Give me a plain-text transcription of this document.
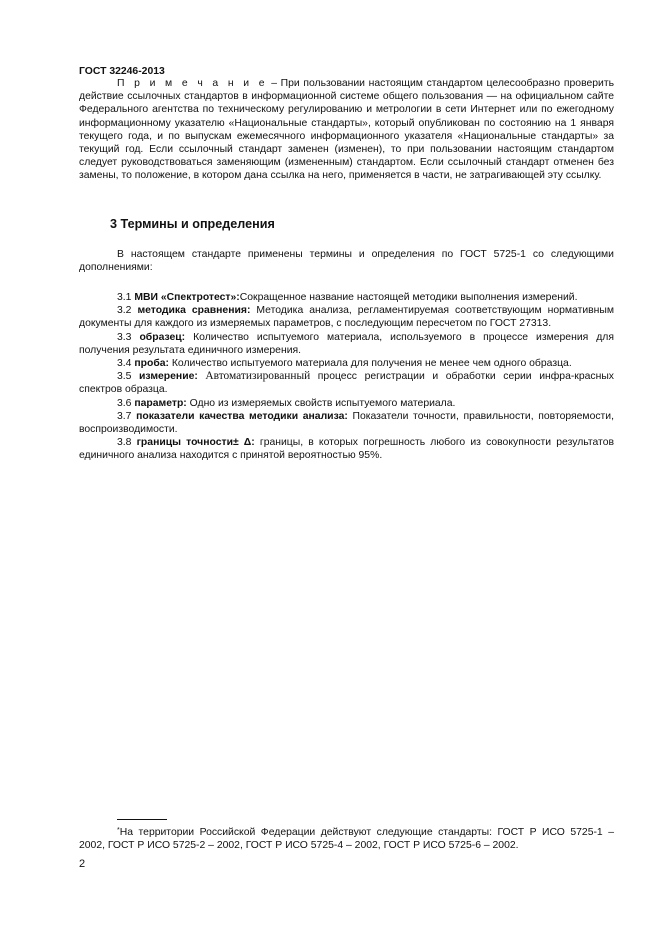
ГОСТ 32246-2013
П р и м е ч а н и е – При пользовании настоящим стандартом целесообразно проверить действие ссылочных стандартов в информационной системе общего пользования — на официальном сайте Федерального агентства по техническому регулированию и метрологии в сети Интернет или по ежегодному информационному указателю «Национальные стандарты», который опубликован по состоянию на 1 января текущего года, и по выпускам ежемесячного информационного указателя «Национальные стандарты» за текущий год. Если ссылочный стандарт заменен (изменен), то при пользовании настоящим стандартом следует руководствоваться заменяющим (измененным) стандартом. Если ссылочный стандарт отменен без замены, то положение, в котором дана ссылка на него, применяется в части, не затрагивающей эту ссылку.
3 Термины и определения
В настоящем стандарте применены термины и определения по ГОСТ 5725-1 со следующими дополнениями:

3.1 МВИ «Спектротест»:Сокращенное название настоящей методики выполнения измерений.

3.2 методика сравнения: Методика анализа, регламентируемая соответствующим нормативным документы для каждого из измеряемых параметров, с последующим пересчетом по ГОСТ 27313.

3.3 образец: Количество испытуемого материала, используемого в процессе измерения для получения результата единичного измерения.

3.4 проба: Количество испытуемого материала для получения не менее чем одного образца.

3.5 измерение: Автоматизированный процесс регистрации и обработки серии инфра-красных спектров образца.

3.6 параметр: Одно из измеряемых свойств испытуемого материала.

3.7 показатели качества методики анализа: Показатели точности, правильности, повторяемости, воспроизводимости.

3.8 границы точности± Δ: границы, в которых погрешность любого из совокупности результатов единичного анализа находится с принятой вероятностью 95%.

*На территории Российской Федерации действуют следующие стандарты: ГОСТ Р ИСО 5725-1 – 2002, ГОСТ Р ИСО 5725-2 – 2002, ГОСТ Р ИСО 5725-4 – 2002, ГОСТ Р ИСО 5725-6 – 2002.

2
